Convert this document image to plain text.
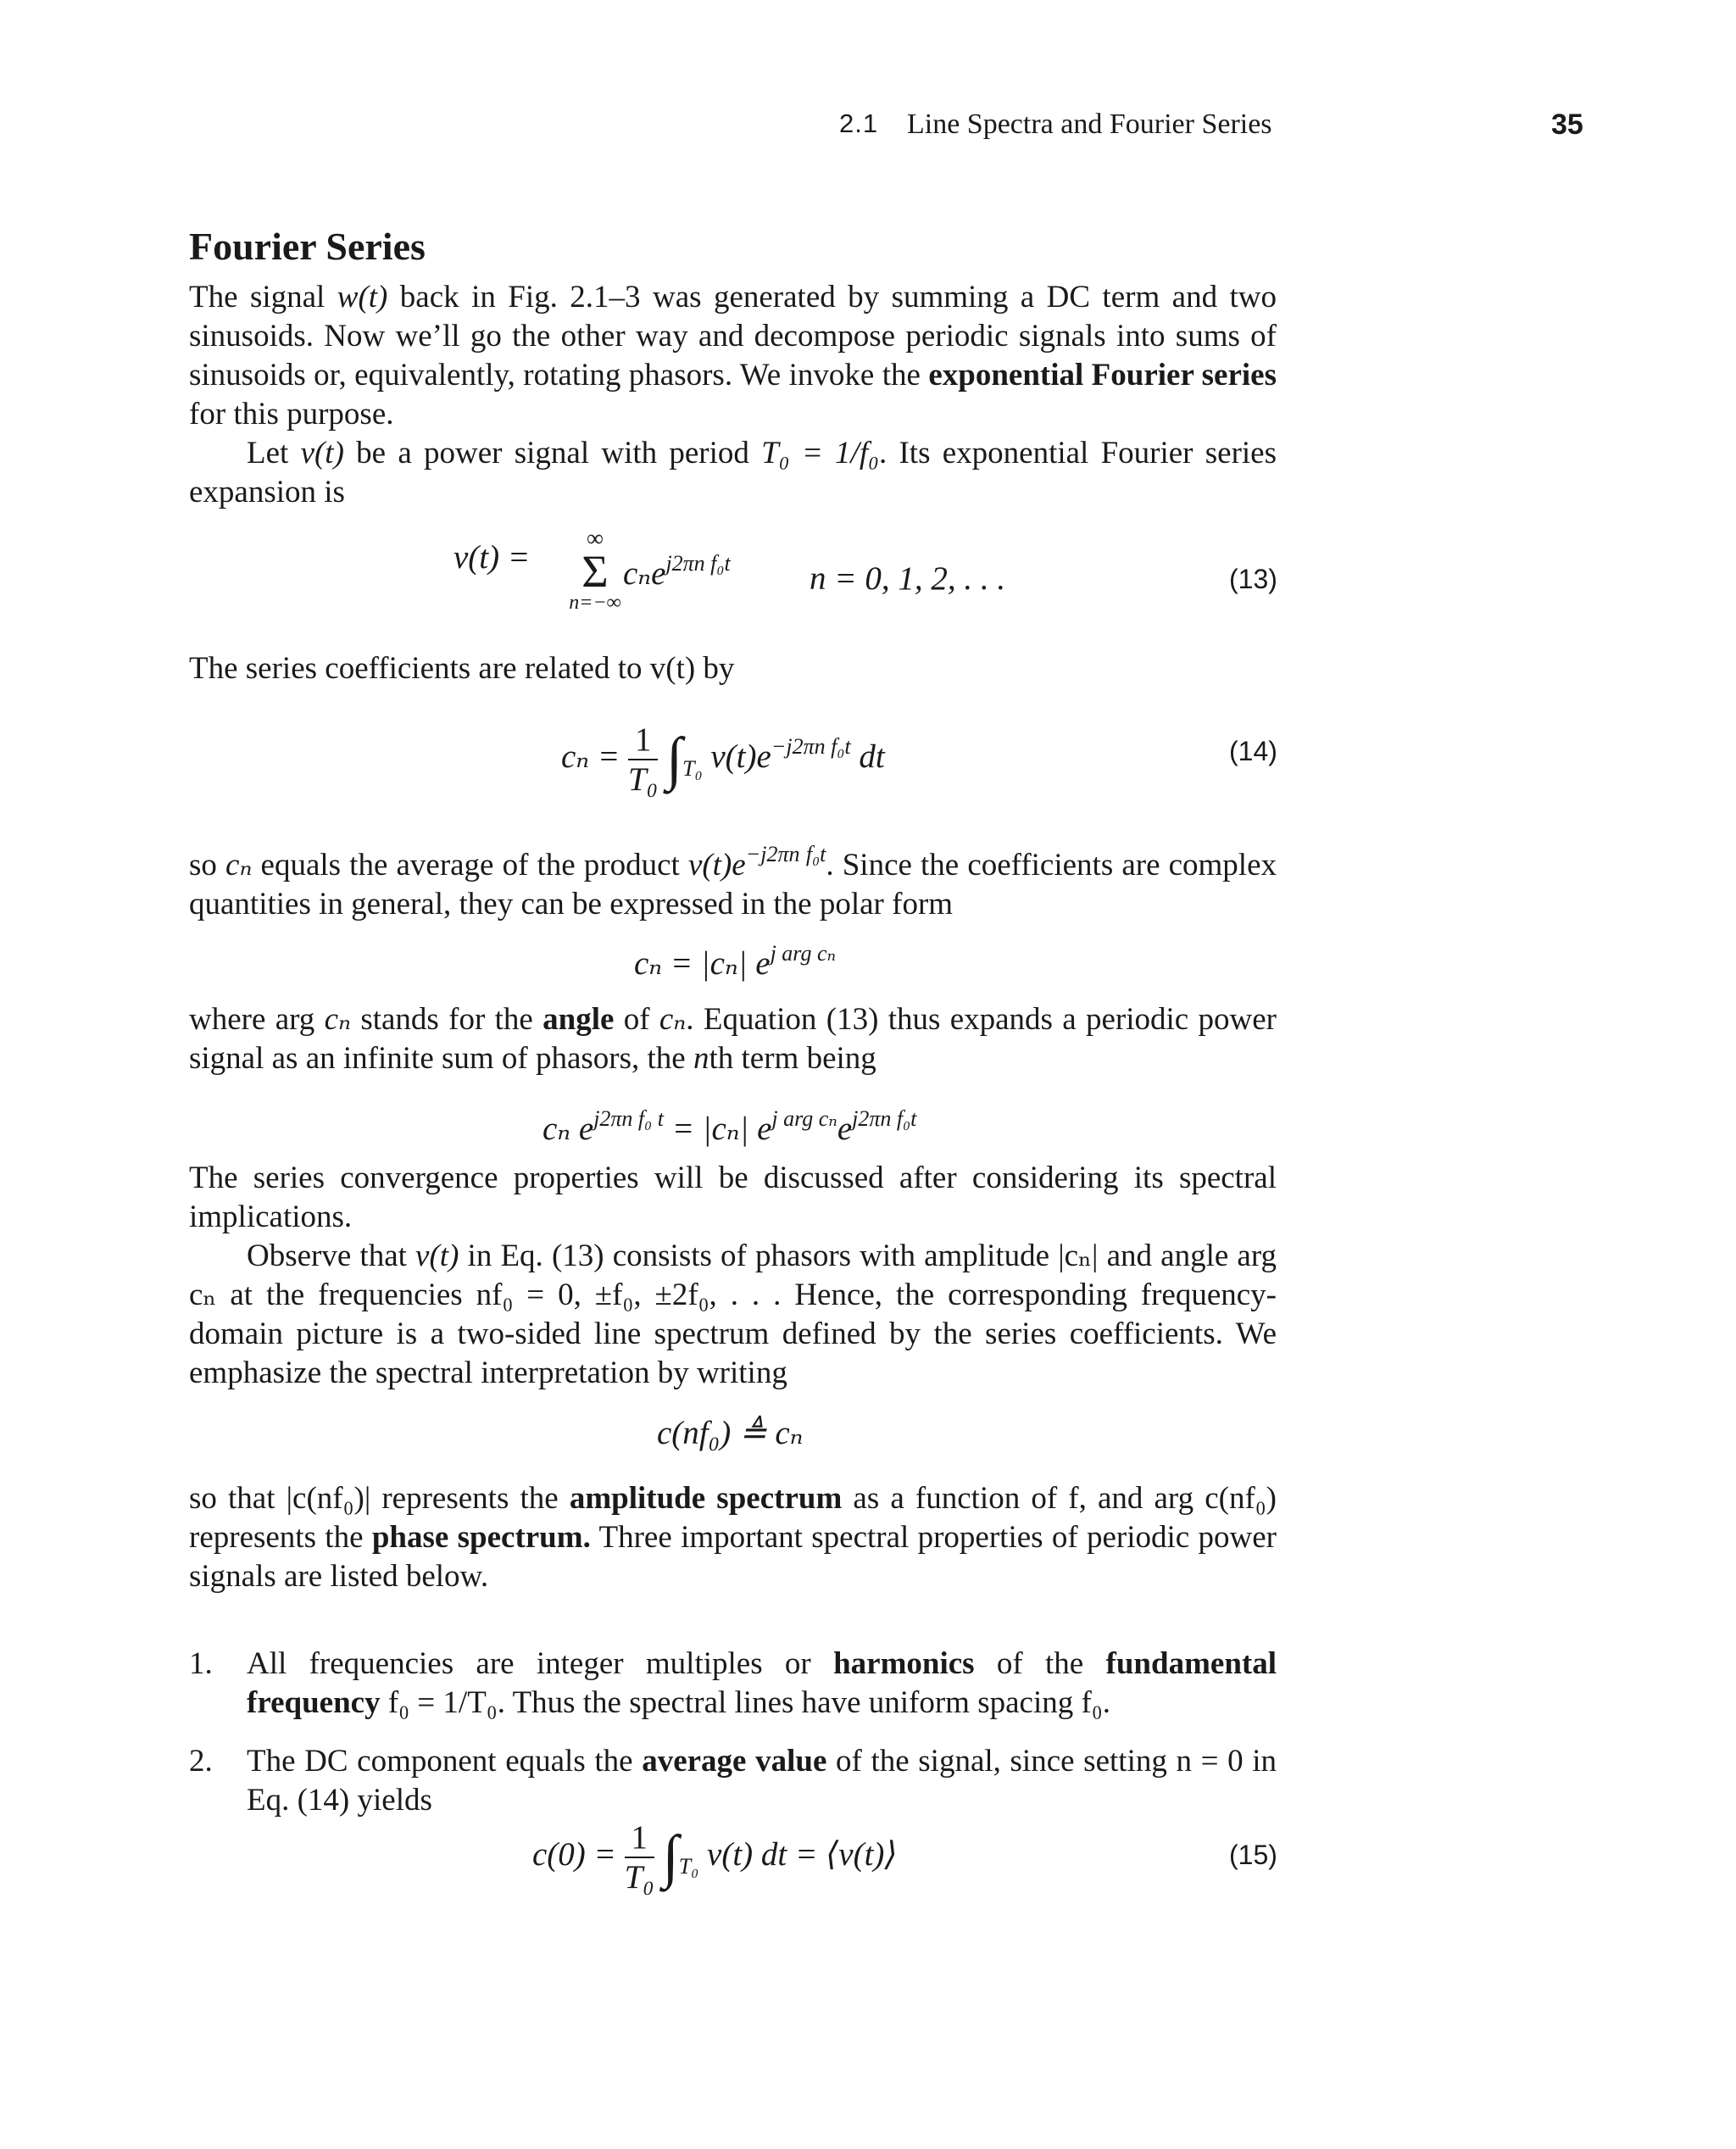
2.1 Line Spectra and Fourier Series	35
Fourier Series
The signal w(t) back in Fig. 2.1–3 was generated by summing a DC term and two sinusoids. Now we’ll go the other way and decompose periodic signals into sums of sinusoids or, equivalently, rotating phasors. We invoke the exponential Fourier series for this purpose.
Let v(t) be a power signal with period T₀ = 1/f₀. Its exponential Fourier series expansion is
v(t) =
∞
Σ
n=−∞
cₙe$^{j2\pi n f_0t}$ n = 0, 1, 2, . . .	(13)
The series coefficients are related to v(t) by
$c_n = \frac{1}{\text{T₀}} \int_{T_0}$ $v(t)e^{-j2\pi n f_0t}$ dt	(14)
so cₙ equals the average of the product $v(t)e^{-j2\pi n f_0t}$. Since the coefficients are complex quantities in general, they can be expressed in the polar form
cₙ = |cₙ| $e^{j arg c_n}$
where arg cₙ stands for the angle of cₙ. Equation (13) thus expands a periodic power signal as an infinite sum of phasors, the nth term being
cₙ $e^{j2\pi n f_0 t} = |c_n|$ $e^{j arg c_n}e^{j2\pi n f_0t}$
The series convergence properties will be discussed after considering its spectral implications.
Observe that v(t) in Eq. (13) consists of phasors with amplitude |cₙ| and angle arg cₙ at the frequencies nf₀ = 0, ±f₀, ±2f₀, . . . Hence, the corresponding frequency-domain picture is a two-sided line spectrum defined by the series coefficients. We emphasize the spectral interpretation by writing
c(nf₀) ≜ cₙ
so that |c(nf₀)| represents the amplitude spectrum as a function of f, and arg c(nf₀) represents the phase spectrum. Three important spectral properties of periodic power signals are listed below.
1. All frequencies are integer multiples or harmonics of the fundamental frequency f₀ = 1/T₀. Thus the spectral lines have uniform spacing f₀.
2. The DC component equals the average value of the signal, since setting n = 0 in Eq. (14) yields
$c(0) = \frac{1}{\text{T₀}} \int_{T_0}$ v(t) dt = ⟨v(t)⟩	(15)
